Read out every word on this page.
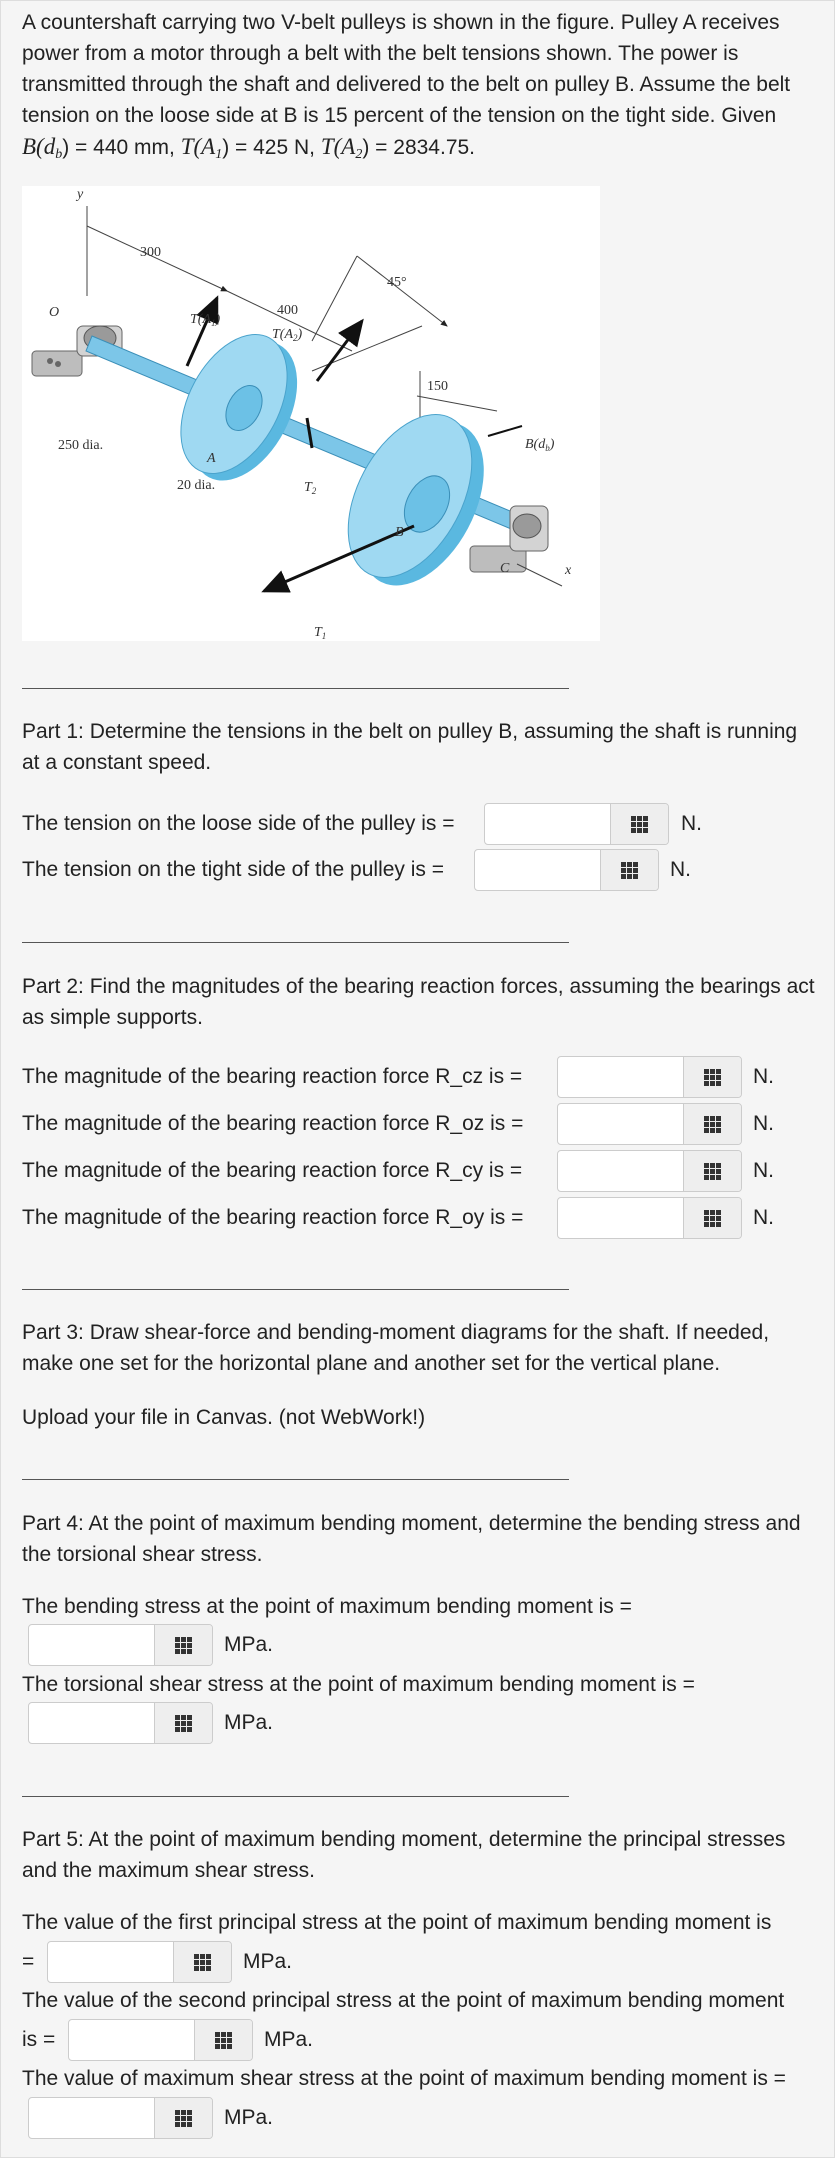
A countershaft carrying two V-belt pulleys is shown in the figure. Pulley A receives power from a motor through a belt with the belt tensions shown. The power is transmitted through the shaft and delivered to the belt on pulley B. Assume the belt tension on the loose side at B is 15 percent of the tension on the tight side. Given $B(d_b) = 440$ mm, $T(A_1) = 425$ N, $T(A_2) = 2834.75$.

y
O
300
$T(A_1)$
400
$T(A_2)$
45°
150
250 dia.
A
$B(d_b)$
20 dia.	$T_2$
B
C	x
$T_1$

Part 1: Determine the tensions in the belt on pulley B, assuming the shaft is running at a constant speed.

The tension on the loose side of the pulley is =	N.
The tension on the tight side of the pulley is =	N.

Part 2: Find the magnitudes of the bearing reaction forces, assuming the bearings act as simple supports.

The magnitude of the bearing reaction force R_cz is =	N.
The magnitude of the bearing reaction force R_oz is =	N.
The magnitude of the bearing reaction force R_cy is =	N.
The magnitude of the bearing reaction force R_oy is =	N.

Part 3: Draw shear-force and bending-moment diagrams for the shaft. If needed, make one set for the horizontal plane and another set for the vertical plane.

Upload your file in Canvas. (not WebWork!)

Part 4: At the point of maximum bending moment, determine the bending stress and the torsional shear stress.

The bending stress at the point of maximum bending moment is =
MPa.
The torsional shear stress at the point of maximum bending moment is =
MPa.

Part 5: At the point of maximum bending moment, determine the principal stresses and the maximum shear stress.

The value of the first principal stress at the point of maximum bending moment is
=	MPa.
The value of the second principal stress at the point of maximum bending moment
is =	MPa.
The value of maximum shear stress at the point of maximum bending moment is =
MPa.
